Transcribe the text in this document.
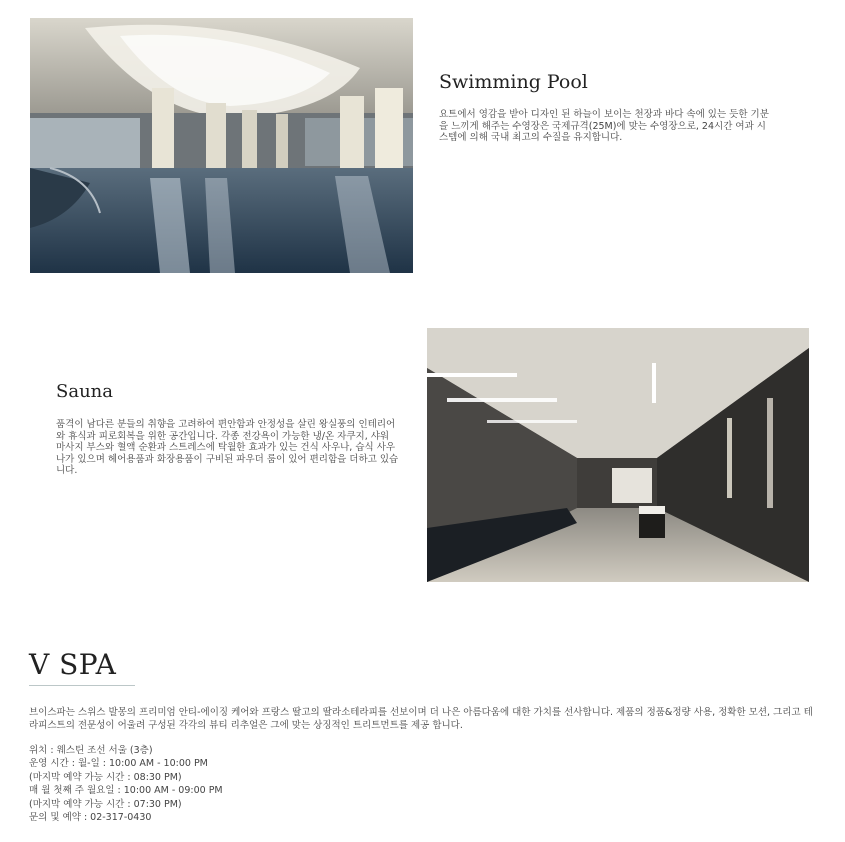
Swimming Pool

요트에서 영감을 받아 디자인 된 하늘이 보이는 천장과 바다 속에 있는 듯한 기분을 느끼게 해주는 수영장은 국제규격(25M)에 맞는 수영장으로, 24시간 여과 시스템에 의해 국내 최고의 수질을 유지합니다.

Sauna

품격이 남다른 분들의 취향을 고려하여 편안함과 안정성을 살린 왕실풍의 인테리어와 휴식과 피로회복을 위한 공간입니다. 각종 전강욕이 가능한 냉/온 자쿠지, 샤워 마사지 부스와 혈액 순환과 스트레스에 탁월한 효과가 있는 건식 사우나, 습식 사우나가 있으며 헤어용품과 화장용품이 구비된 파우더 룸이 있어 편리함을 더하고 있습니다.

V SPA

브이스파는 스위스 발몽의 프리미엄 안티-에이징 케어와 프랑스 딸고의 딸라소테라피를 선보이며 더 나은 아름다움에 대한 가치를 선사합니다. 제품의 정품&정량 사용, 정확한 모션, 그리고 테라피스트의 전문성이 어울려 구성된 각각의 뷰티 리추얼은 그에 맞는 상징적인 트리트먼트를 제공 합니다.

위치 : 웨스틴 조선 서울 (3층)
운영 시간 : 월-일 : 10:00 AM - 10:00 PM
(마지막 예약 가능 시간 : 08:30 PM)
매 월 첫째 주 월요일 : 10:00 AM - 09:00 PM
(마지막 예약 가능 시간 : 07:30 PM)
문의 및 예약 : 02-317-0430
